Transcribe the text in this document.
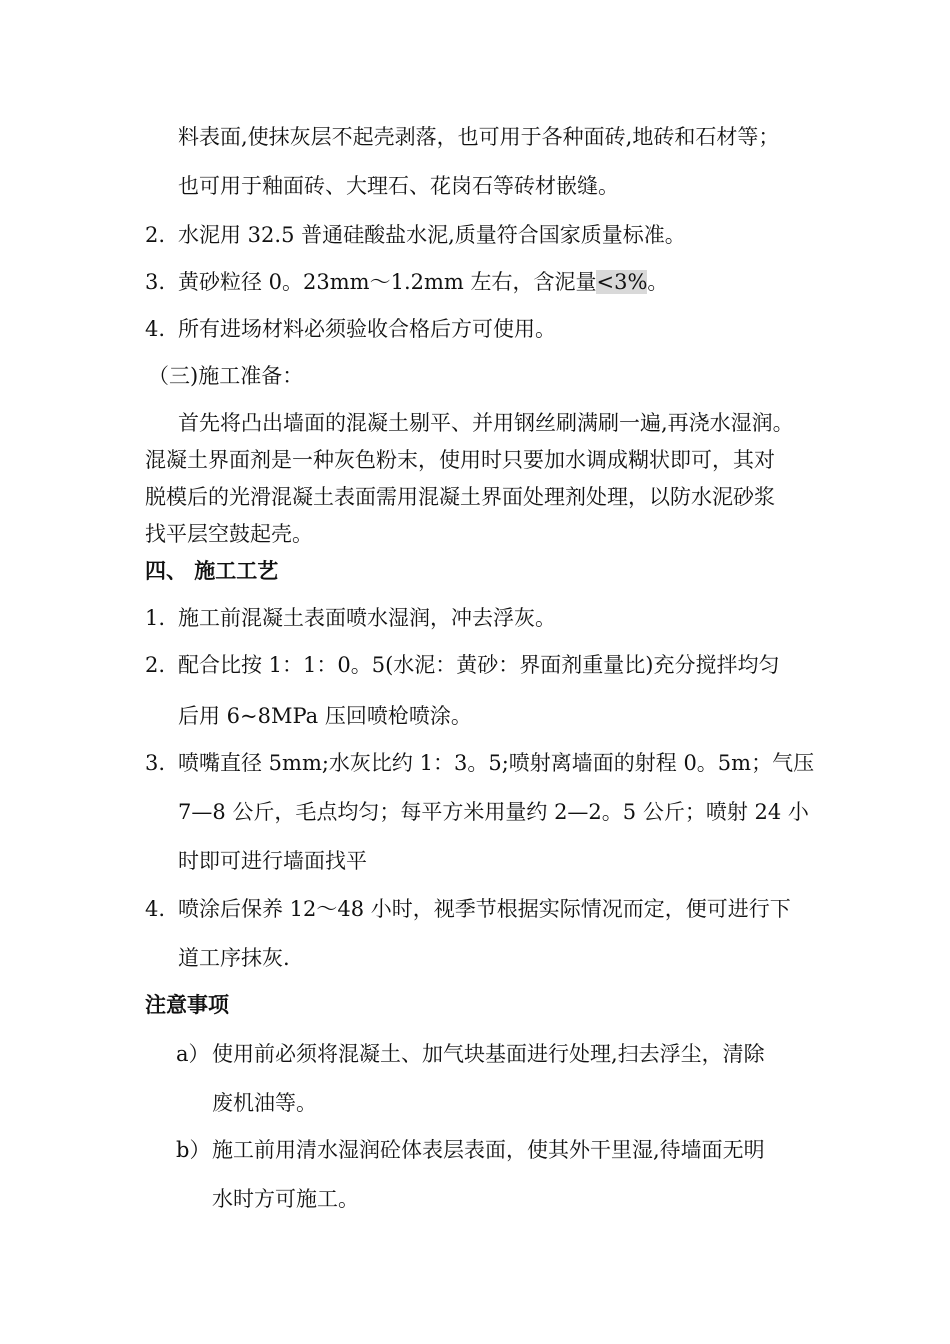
料表面,使抹灰层不起壳剥落，也可用于各种面砖,地砖和石材等；
也可用于釉面砖、大理石、花岗石等砖材嵌缝。
2. 水泥用 32.5 普通硅酸盐水泥,质量符合国家质量标准。
3. 黄砂粒径 0。23mm～1.2mm 左右，含泥量<3%。
4. 所有进场材料必须验收合格后方可使用。
（三)施工准备：
首先将凸出墙面的混凝土剔平、并用钢丝刷满刷一遍,再浇水湿润。
混凝土界面剂是一种灰色粉末，使用时只要加水调成糊状即可，其对
脱模后的光滑混凝土表面需用混凝土界面处理剂处理，以防水泥砂浆
找平层空鼓起壳。
四、 施工工艺
1. 施工前混凝土表面喷水湿润，冲去浮灰。
2. 配合比按 1：1：0。5(水泥：黄砂：界面剂重量比)充分搅拌均匀
后用 6~8MPa 压回喷枪喷涂。
3. 喷嘴直径 5mm;水灰比约 1：3。5;喷射离墙面的射程 0。5m；气压
7—8 公斤，毛点均匀；每平方米用量约 2—2。5 公斤；喷射 24 小
时即可进行墙面找平
4. 喷涂后保养 12～48 小时，视季节根据实际情况而定，便可进行下
道工序抹灰.
注意事项
a） 使用前必须将混凝土、加气块基面进行处理,扫去浮尘，清除
废机油等。
b）施工前用清水湿润砼体表层表面，使其外干里湿,待墙面无明
水时方可施工。
